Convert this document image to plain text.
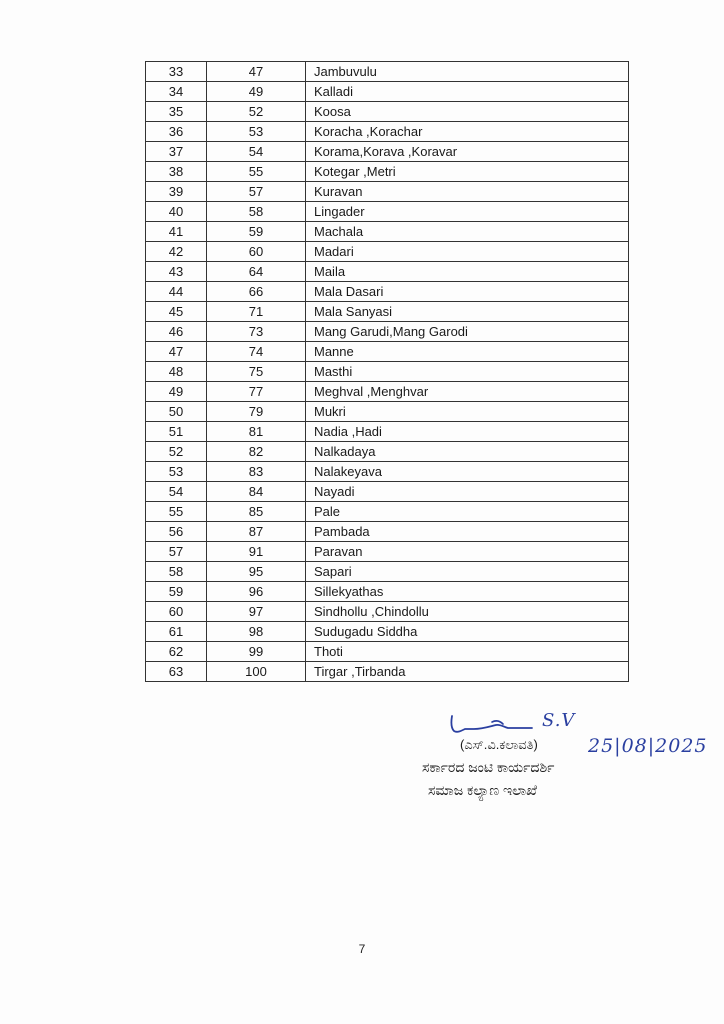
33	47	Jambuvulu
34	49	Kalladi
35	52	Koosa
36	53	Koracha ,Korachar
37	54	Korama,Korava ,Koravar
38	55	Kotegar ,Metri
39	57	Kuravan
40	58	Lingader
41	59	Machala
42	60	Madari
43	64	Maila
44	66	Mala Dasari
45	71	Mala Sanyasi
46	73	Mang Garudi,Mang Garodi
47	74	Manne
48	75	Masthi
49	77	Meghval ,Menghvar
50	79	Mukri
51	81	Nadia ,Hadi
52	82	Nalkadaya
53	83	Nalakeyava
54	84	Nayadi
55	85	Pale
56	87	Pambada
57	91	Paravan
58	95	Sapari
59	96	Sillekyathas
60	97	Sindhollu ,Chindollu
61	98	Sudugadu Siddha
62	99	Thoti
63	100	Tirgar ,Tirbanda
S.V
(ಎಸ್.ವಿ.ಕಲಾವತಿ)	25|08|2025
ಸರ್ಕಾರದ ಜಂಟಿ ಕಾರ್ಯದರ್ಶಿ
ಸಮಾಜ ಕಲ್ಯಾಣ ಇಲಾಖೆ
7
